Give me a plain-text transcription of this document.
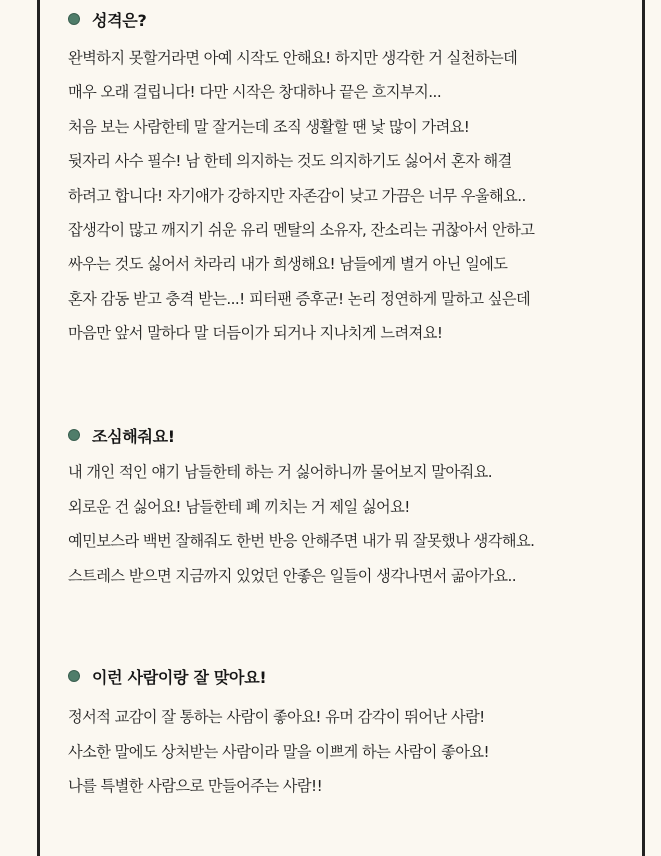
성격은?
완벽하지 못할거라면 아예 시작도 안해요! 하지만 생각한 거 실천하는데
매우 오래 걸립니다! 다만 시작은 창대하나 끝은 흐지부지...
처음 보는 사람한테 말 잘거는데 조직 생활할 땐 낯 많이 가려요!
뒷자리 사수 필수! 남 한테 의지하는 것도 의지하기도 싫어서 혼자 해결
하려고 합니다! 자기애가 강하지만 자존감이 낮고 가끔은 너무 우울해요..
잡생각이 많고 깨지기 쉬운 유리 멘탈의 소유자, 잔소리는 귀찮아서 안하고
싸우는 것도 싫어서 차라리 내가 희생해요! 남들에게 별거 아닌 일에도
혼자 감동 받고 충격 받는...! 피터팬 증후군! 논리 정연하게 말하고 싶은데
마음만 앞서 말하다 말 더듬이가 되거나 지나치게 느려져요!
조심해줘요!
내 개인 적인 얘기 남들한테 하는 거 싫어하니까 물어보지 말아줘요.
외로운 건 싫어요! 남들한테 폐 끼치는 거 제일 싫어요!
예민보스라 백번 잘해줘도 한번 반응 안해주면 내가 뭐 잘못했나 생각해요.
스트레스 받으면 지금까지 있었던 안좋은 일들이 생각나면서 곪아가요..
이런 사람이랑 잘 맞아요!
정서적 교감이 잘 통하는 사람이 좋아요! 유머 감각이 뛰어난 사람!
사소한 말에도 상처받는 사람이라 말을 이쁘게 하는 사람이 좋아요!
나를 특별한 사람으로 만들어주는 사람!!
